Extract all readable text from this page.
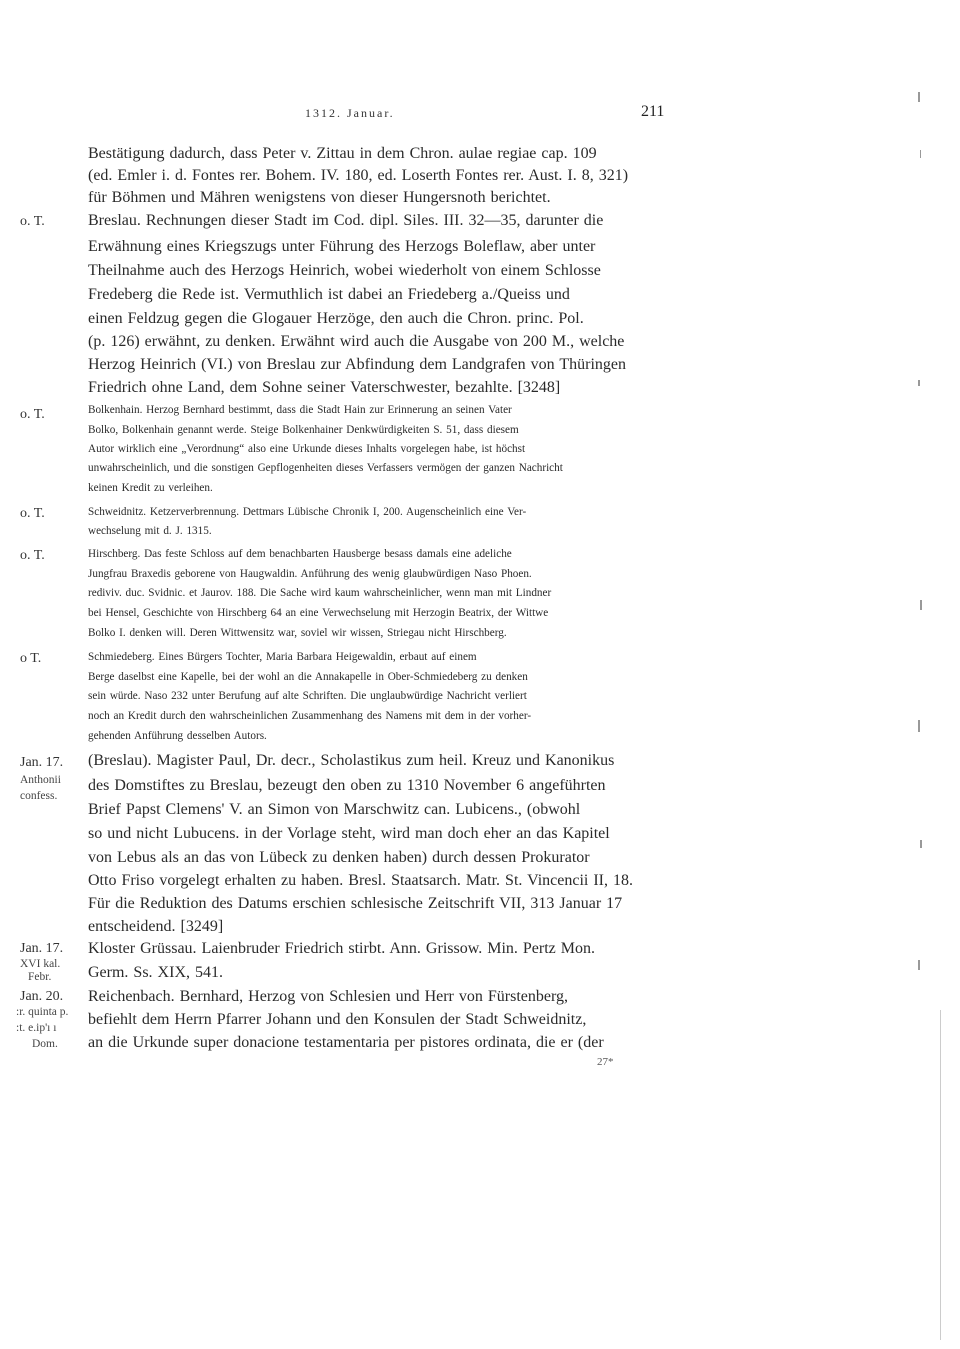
1312. Januar.	211
Bestätigung dadurch, dass Peter v. Zittau in dem Chron. aulae regiae cap. 109
(ed. Emler i. d. Fontes rer. Bohem. IV. 180, ed. Loserth Fontes rer. Aust. I. 8, 321)
für Böhmen und Mähren wenigstens von dieser Hungersnoth berichtet.
Breslau. Rechnungen dieser Stadt im Cod. dipl. Siles. III. 32—35, darunter die
Erwähnung eines Kriegszugs unter Führung des Herzogs Boleflaw, aber unter
Theilnahme auch des Herzogs Heinrich, wobei wiederholt von einem Schlosse
Fredeberg die Rede ist. Vermuthlich ist dabei an Friedeberg a./Queiss und
einen Feldzug gegen die Glogauer Herzöge, den auch die Chron. princ. Pol.
(p. 126) erwähnt, zu denken. Erwähnt wird auch die Ausgabe von 200 M., welche
Herzog Heinrich (VI.) von Breslau zur Abfindung dem Landgrafen von Thüringen
Friedrich ohne Land, dem Sohne seiner Vaterschwester, bezahlte. [3248]
Bolkenhain. Herzog Bernhard bestimmt, dass die Stadt Hain zur Erinnerung an seinen Vater
Bolko, Bolkenhain genannt werde. Steige Bolkenhainer Denkwürdigkeiten S. 51, dass diesem
Autor wirklich eine „Verordnung“ also eine Urkunde dieses Inhalts vorgelegen habe, ist höchst
unwahrscheinlich, und die sonstigen Gepflogenheiten dieses Verfassers vermögen der ganzen Nachricht
keinen Kredit zu verleihen.
Schweidnitz. Ketzerverbrennung. Dettmars Lübische Chronik I, 200. Augenscheinlich eine Ver-
wechselung mit d. J. 1315.
Hirschberg. Das feste Schloss auf dem benachbarten Hausberge besass damals eine adeliche
Jungfrau Braxedis geborene von Haugwaldin. Anführung des wenig glaubwürdigen Naso Phoen.
rediviv. duc. Svidnic. et Jaurov. 188. Die Sache wird kaum wahrscheinlicher, wenn man mit Lindner
bei Hensel, Geschichte von Hirschberg 64 an eine Verwechselung mit Herzogin Beatrix, der Wittwe
Bolko I. denken will. Deren Wittwensitz war, soviel wir wissen, Striegau nicht Hirschberg.
Schmiedeberg. Eines Bürgers Tochter, Maria Barbara Heigewaldin, erbaut auf einem
Berge daselbst eine Kapelle, bei der wohl an die Annakapelle in Ober-Schmiedeberg zu denken
sein würde. Naso 232 unter Berufung auf alte Schriften. Die unglaubwürdige Nachricht verliert
noch an Kredit durch den wahrscheinlichen Zusammenhang des Namens mit dem in der vorher-
gehenden Anführung desselben Autors.
(Breslau). Magister Paul, Dr. decr., Scholastikus zum heil. Kreuz und Kanonikus
des Domstiftes zu Breslau, bezeugt den oben zu 1310 November 6 angeführten
Brief Papst Clemens' V. an Simon von Marschwitz can. Lubicens., (obwohl
so und nicht Lubucens. in der Vorlage steht, wird man doch eher an das Kapitel
von Lebus als an das von Lübeck zu denken haben) durch dessen Prokurator
Otto Friso vorgelegt erhalten zu haben. Bresl. Staatsarch. Matr. St. Vincencii II, 18.
Für die Reduktion des Datums erschien schlesische Zeitschrift VII, 313 Januar 17
entscheidend. [3249]
Kloster Grüssau. Laienbruder Friedrich stirbt. Ann. Grissow. Min. Pertz Mon.
Germ. Ss. XIX, 541.
Reichenbach. Bernhard, Herzog von Schlesien und Herr von Fürstenberg,
befiehlt dem Herrn Pfarrer Johann und den Konsulen der Stadt Schweidnitz,
an die Urkunde super donacione testamentaria per pistores ordinata, die er (der
o. T.
o. T.
o. T.
o. T.
o T.
Jan. 17.
Anthonii
confess.
Jan. 17.
XVI kal.
Febr.
Jan. 20.
:r. quinta p.
:t. e.ip'ı ı
Dom.
27*
